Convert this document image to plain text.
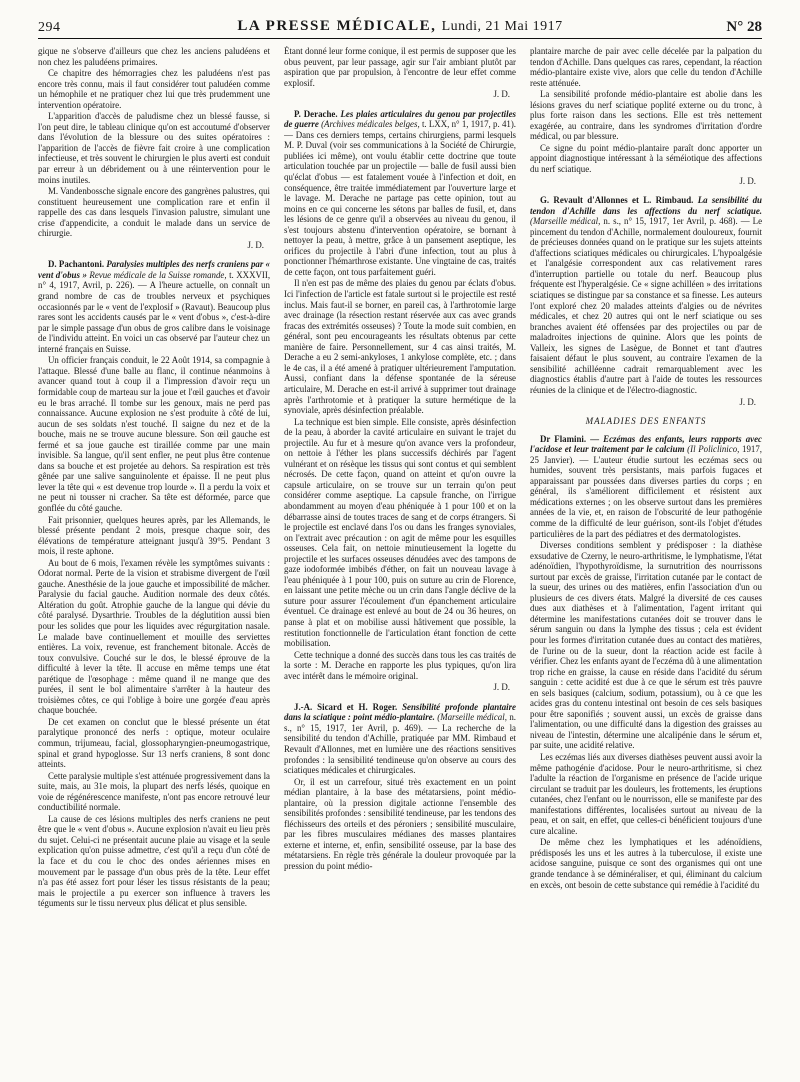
294	LA PRESSE MÉDICALE, Lundi, 21 Mai 1917	N° 28

gique ne s'observe d'ailleurs que chez les anciens paludéens et non chez les paludéens primaires.

Ce chapitre des hémorragies chez les paludéens n'est pas encore très connu, mais il faut considérer tout paludéen comme un hémophile et ne pratiquer chez lui que très prudemment une intervention opératoire.

L'apparition d'accès de paludisme chez un blessé fausse, si l'on peut dire, le tableau clinique qu'on est accoutumé d'observer dans l'évolution de la blessure ou des suites opératoires : l'apparition de l'accès de fièvre fait croire à une complication infectieuse, et très souvent le chirurgien le plus averti est conduit par erreur à un débridement ou à une réintervention pour le moins inutiles.

M. Vandenbossche signale encore des gangrènes palustres, qui constituent heureusement une complication rare et enfin il rappelle des cas dans lesquels l'invasion palustre, simulant une crise d'appendicite, a conduit le malade dans un service de chirurgie.

J. D.

D. Pachantoni. Paralysies multiples des nerfs craniens par « vent d'obus » Revue médicale de la Suisse romande, t. XXXVII, n° 4, 1917, Avril, p. 226). — A l'heure actuelle, on connaît un grand nombre de cas de troubles nerveux et psychiques occasionnés par le « vent de l'explosif » (Ravaut). Beaucoup plus rares sont les accidents causés par le « vent d'obus », c'est-à-dire par le simple passage d'un obus de gros calibre dans le voisinage de l'individu atteint. En voici un cas observé par l'auteur chez un interné français en Suisse.

Un officier français conduit, le 22 Août 1914, sa compagnie à l'attaque. Blessé d'une balle au flanc, il continue néanmoins à avancer quand tout à coup il a l'impression d'avoir reçu un formidable coup de marteau sur la joue et l'œil gauches et d'avoir eu le bras arraché. Il tombe sur les genoux, mais ne perd pas connaissance. Aucune explosion ne s'est produite à côté de lui, aucun de ses soldats n'est touché. Il saigne du nez et de la bouche, mais ne se trouve aucune blessure. Son œil gauche est fermé et sa joue gauche est tiraillée comme par une main invisible. Sa langue, qu'il sent enfler, ne peut plus être contenue dans sa bouche et est projetée au dehors. Sa respiration est très gênée par une salive sanguinolente et épaisse. Il ne peut plus lever la tête qui « est devenue trop lourde ». Il a perdu la voix et ne peut ni tousser ni cracher. Sa tête est déformée, parce que gonflée du côté gauche.

Fait prisonnier, quelques heures après, par les Allemands, le blessé présente pendant 2 mois, presque chaque soir, des élévations de température atteignant jusqu'à 39°5. Pendant 3 mois, il reste aphone.

Au bout de 6 mois, l'examen révèle les symptômes suivants : Odorat normal. Perte de la vision et strabisme divergent de l'œil gauche. Anesthésie de la joue gauche et impossibilité de mâcher. Paralysie du facial gauche. Audition normale des deux côtés. Altération du goût. Atrophie gauche de la langue qui dévie du côté paralysé. Dysarthrie. Troubles de la déglutition aussi bien pour les solides que pour les liquides avec régurgitation nasale. Le malade bave continuellement et mouille des serviettes entières. La voix, revenue, est franchement bitonale. Accès de toux convulsive. Couché sur le dos, le blessé éprouve de la difficulté à lever la tête. Il accuse en même temps une état parétique de l'œsophage : même quand il ne mange que des purées, il sent le bol alimentaire s'arrêter à la hauteur des troisièmes côtes, ce qui l'oblige à boire une gorgée d'eau après chaque bouchée.

De cet examen on conclut que le blessé présente un état paralytique prononcé des nerfs : optique, moteur oculaire commun, trijumeau, facial, glossopharyngien-pneumogastrique, spinal et grand hypoglosse. Sur 13 nerfs craniens, 8 sont donc atteints.

Cette paralysie multiple s'est atténuée progressivement dans la suite, mais, au 31e mois, la plupart des nerfs lésés, quoique en voie de régénérescence manifeste, n'ont pas encore retrouvé leur conductibilité normale.

La cause de ces lésions multiples des nerfs craniens ne peut être que le « vent d'obus ». Aucune explosion n'avait eu lieu près du sujet. Celui-ci ne présentait aucune plaie au visage et la seule explication qu'on puisse admettre, c'est qu'il a reçu d'un côté de la face et du cou le choc des ondes aériennes mises en mouvement par le passage d'un obus près de la tête. Leur effet n'a pas été assez fort pour léser les tissus résistants de la peau; mais le projectile a pu exercer son influence à travers les téguments sur le tissu nerveux plus délicat et plus sensible.

Étant donné leur forme conique, il est permis de supposer que les obus peuvent, par leur passage, agir sur l'air ambiant plutôt par aspiration que par propulsion, à l'encontre de leur effet comme explosif.

J. D.

P. Derache. Les plaies articulaires du genou par projectiles de guerre (Archives médicales belges, t. LXX, n° 1, 1917, p. 41). — Dans ces derniers temps, certains chirurgiens, parmi lesquels M. P. Duval (voir ses communications à la Société de Chirurgie, publiées ici même), ont voulu établir cette doctrine que toute articulation touchée par un projectile — balle de fusil aussi bien qu'éclat d'obus — est fatalement vouée à l'infection et doit, en conséquence, être traitée immédiatement par l'ouverture large et le lavage. M. Derache ne partage pas cette opinion, tout au moins en ce qui concerne les sétons par balles de fusil, et, dans les lésions de ce genre qu'il a observées au niveau du genou, il s'est toujours abstenu d'intervention opératoire, se bornant à nettoyer la peau, à mettre, grâce à un pansement aseptique, les orifices du projectile à l'abri d'une infection, tout au plus à ponctionner l'hémarthrose existante. Une vingtaine de cas, traités de cette façon, ont tous parfaitement guéri.

Il n'en est pas de même des plaies du genou par éclats d'obus. Ici l'infection de l'article est fatale surtout si le projectile est resté inclus. Mais faut-il se borner, en pareil cas, à l'arthrotomie large avec drainage (la résection restant réservée aux cas avec grands fracas des extrémités osseuses) ? Toute la mode suit combien, en général, sont peu encourageants les résultats obtenus par cette manière de faire. Personnellement, sur 4 cas ainsi traités, M. Derache a eu 2 semi-ankyloses, 1 ankylose complète, etc. ; dans le 4e cas, il a été amené à pratiquer ultérieurement l'amputation. Aussi, confiant dans la défense spontanée de la séreuse articulaire, M. Derache en est-il arrivé à supprimer tout drainage après l'arthrotomie et à pratiquer la suture hermétique de la synoviale, après désinfection préalable.

La technique est bien simple. Elle consiste, après désinfection de la peau, à aborder la cavité articulaire en suivant le trajet du projectile. Au fur et à mesure qu'on avance vers la profondeur, on nettoie à l'éther les plans successifs déchirés par l'agent vulnérant et on résèque les tissus qui sont contus et qui semblent nécrosés. De cette façon, quand on atteint et qu'on ouvre la capsule articulaire, on se trouve sur un terrain qu'on peut considérer comme aseptique. La capsule franche, on l'irrigue abondamment au moyen d'eau phéniquée à 1 pour 100 et on la débarrasse ainsi de toutes traces de sang et de corps étrangers. Si le projectile est enclavé dans l'os ou dans les franges synoviales, on l'extrait avec précaution : on agit de même pour les esquilles osseuses. Cela fait, on nettoie minutieusement la logette du projectile et les surfaces osseuses dénudées avec des tampons de gaze iodoformée imbibés d'éther, on fait un nouveau lavage à l'eau phéniquée à 1 pour 100, puis on suture au crin de Florence, en laissant une petite mèche ou un crin dans l'angle déclive de la suture pour assurer l'écoulement d'un épanchement articulaire éventuel. Ce drainage est enlevé au bout de 24 ou 36 heures, on panse à plat et on mobilise aussi hâtivement que possible, la restitution fonctionnelle de l'articulation étant fonction de cette mobilisation.

Cette technique a donné des succès dans tous les cas traités de la sorte : M. Derache en rapporte les plus typiques, qu'on lira avec intérêt dans le mémoire original.

J. D.

J.-A. Sicard et H. Roger. Sensibilité profonde plantaire dans la sciatique : point médio-plantaire. (Marseille médical, n. s., n° 15, 1917, 1er Avril, p. 469). — La recherche de la sensibilité du tendon d'Achille, pratiquée par MM. Rimbaud et Revault d'Allonnes, met en lumière une des réactions sensitives profondes : la sensibilité tendineuse qu'on observe au cours des sciatiques médicales et chirurgicales.

Or, il est un carrefour, situé très exactement en un point médian plantaire, à la base des métatarsiens, point médio-plantaire, où la pression digitale actionne l'ensemble des sensibilités profondes : sensibilité tendineuse, par les tendons des fléchisseurs des orteils et des péroniers ; sensibilité musculaire, par les fibres musculaires médianes des masses plantaires externe et interne, et, enfin, sensibilité osseuse, par la base des métatarsiens. En règle très générale la douleur provoquée par la pression du point médio-

plantaire marche de pair avec celle décelée par la palpation du tendon d'Achille. Dans quelques cas rares, cependant, la réaction médio-plantaire existe vive, alors que celle du tendon d'Achille reste atténuée.

La sensibilité profonde médio-plantaire est abolie dans les lésions graves du nerf sciatique poplité externe ou du tronc, à plus forte raison dans les sections. Elle est très nettement exagérée, au contraire, dans les syndromes d'irritation d'ordre médical, ou par blessure.

Ce signe du point médio-plantaire paraît donc apporter un appoint diagnostique intéressant à la séméiotique des affections du nerf sciatique.

J. D.

G. Revault d'Allonnes et L. Rimbaud. La sensibilité du tendon d'Achille dans les affections du nerf sciatique. (Marseille médical, n. s., n° 15, 1917, 1er Avril, p. 468). — Le pincement du tendon d'Achille, normalement douloureux, fournit de précieuses données quand on le pratique sur les sujets atteints d'affections sciatiques médicales ou chirurgicales. L'hypoalgésie et l'analgésie correspondent aux cas relativement rares d'interruption partielle ou totale du nerf. Beaucoup plus fréquente est l'hyperalgésie. Ce « signe achilléen » des irritations sciatiques se distingue par sa constance et sa finesse. Les auteurs l'ont exploré chez 20 malades atteints d'algies ou de névrites médicales, et chez 20 autres qui ont le nerf sciatique ou ses branches avaient été offensées par des projectiles ou par de maladroites injections de quinine. Alors que les points de Valleix, les signes de Lasègue, de Bonnet et tant d'autres faisaient défaut le plus souvent, au contraire l'examen de la sensibilité achilléenne cadrait remarquablement avec les diagnostics établis d'autre part à l'aide de toutes les ressources réunies de la clinique et de l'électro-diagnostic.

J. D.

MALADIES DES ENFANTS

Dr Flamini. — Eczémas des enfants, leurs rapports avec l'acidose et leur traitement par le calcium (Il Policlinico, 1917, 25 Janvier). — L'auteur étudie surtout les eczémas secs ou humides, souvent très persistants, mais parfois fugaces et apparaissant par poussées dans diverses parties du corps ; en général, ils s'améliorent difficilement et résistent aux médications externes ; on les observe surtout dans les premières années de la vie, et, en raison de l'obscurité de leur pathogénie comme de la difficulté de leur guérison, sont-ils l'objet d'études particulières de la part des pédiatres et des dermatologistes.

Diverses conditions semblent y prédisposer : la diathèse exsudative de Czerny, le neuro-arthritisme, le lymphatisme, l'état adénoïdien, l'hypothyroïdisme, la surnutrition des nourrissons surtout par excès de graisse, l'irritation cutanée par le contact de la sueur, des urines ou des matières, enfin l'association d'un ou plusieurs de ces divers états. Malgré la diversité de ces causes dues aux diathèses et à l'alimentation, l'agent irritant qui détermine les manifestations cutanées doit se trouver dans le sérum sanguin ou dans la lymphe des tissus ; cela est évident pour les formes d'irritation cutanée dues au contact des matières, de l'urine ou de la sueur, dont la réaction acide est facile à vérifier. Chez les enfants ayant de l'eczéma dû à une alimentation trop riche en graisse, la cause en réside dans l'acidité du sérum sanguin : cette acidité est due à ce que le sérum est très pauvre en sels basiques (calcium, sodium, potassium), ou à ce que les acides gras du contenu intestinal ont besoin de ces sels basiques pour être saponifiés ; souvent aussi, un excès de graisse dans l'alimentation, ou une difficulté dans la digestion des graisses au niveau de l'intestin, détermine une alcalipénie dans le sérum et, par suite, une acidité relative.

Les eczémas liés aux diverses diathèses peuvent aussi avoir la même pathogénie d'acidose. Pour le neuro-arthritisme, si chez l'adulte la réaction de l'organisme en présence de l'acide urique circulant se traduit par les douleurs, les frottements, les éruptions cutanées, chez l'enfant ou le nourrisson, elle se manifeste par des manifestations différentes, localisées surtout au niveau de la peau, et on sait, en effet, que celles-ci bénéficient toujours d'une cure alcaline.

De même chez les lymphatiques et les adénoïdiens, prédisposés les uns et les autres à la tuberculose, il existe une acidose sanguine, puisque ce sont des organismes qui ont une grande tendance à se déminéraliser, et qui, éliminant du calcium en excès, ont besoin de cette substance qui remédie à l'acidité du
